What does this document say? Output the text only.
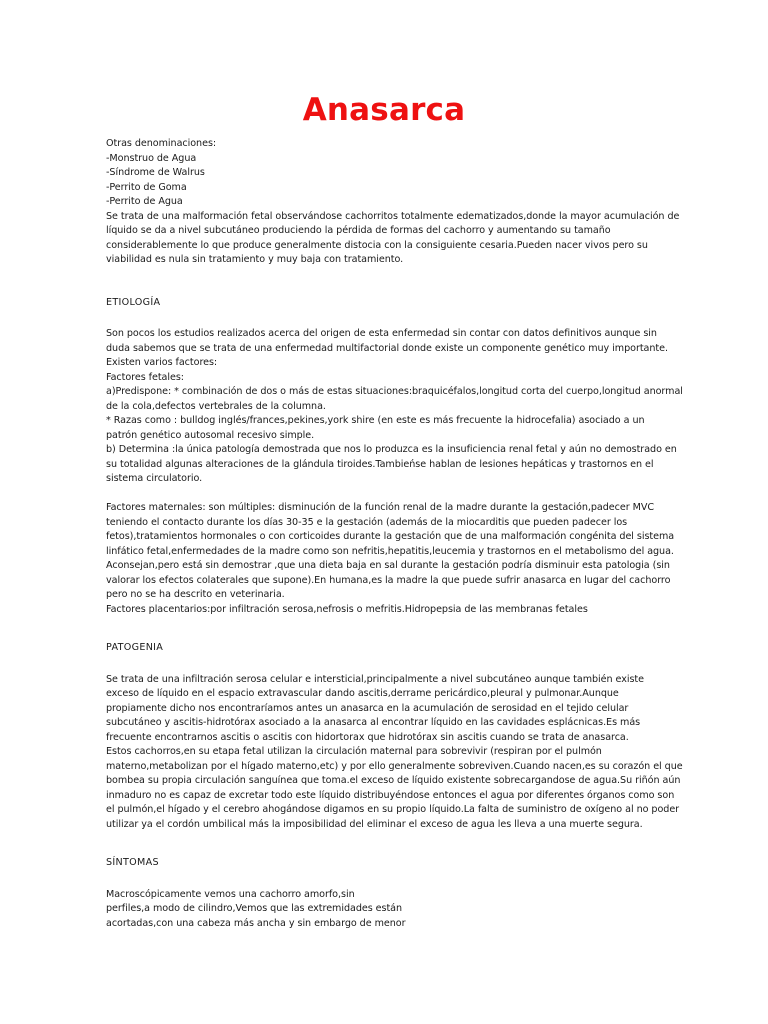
Anasarca
Otras denominaciones:
-Monstruo de Agua
-Síndrome de Walrus
-Perrito de Goma
-Perrito de Agua
Se trata de una malformación fetal observándose cachorritos totalmente edematizados,donde la mayor acumulación de
líquido se da a nivel subcutáneo produciendo la pérdida de formas del cachorro y aumentando su tamaño
considerablemente lo que produce generalmente distocia con la consiguiente cesaria.Pueden nacer vivos pero su
viabilidad es nula sin tratamiento y muy baja con tratamiento.
ETIOLOGÍA
Son pocos los estudios realizados acerca del origen de esta enfermedad sin contar con datos definitivos aunque sin
duda sabemos que se trata de una enfermedad multifactorial donde existe un componente genético muy importante.
Existen varios factores:
Factores fetales:
a)Predispone: * combinación de dos o más de estas situaciones:braquicéfalos,longitud corta del cuerpo,longitud anormal
de la cola,defectos vertebrales de la columna.
* Razas como : bulldog inglés/frances,pekines,york shire (en este es más frecuente la hidrocefalia) asociado a un
patrón genético autosomal recesivo simple.
b) Determina :la única patología demostrada que nos lo produzca es la insuficiencia renal fetal y aún no demostrado en
su totalidad algunas alteraciones de la glándula tiroides.Tambieńse hablan de lesiones hepáticas y trastornos en el
sistema circulatorio.
Factores maternales: son múltiples: disminución de la función renal de la madre durante la gestación,padecer MVC
teniendo el contacto durante los días 30-35 e la gestación (además de la miocarditis que pueden padecer los
fetos),tratamientos hormonales o con corticoides durante la gestación que de una malformación congénita del sistema
linfático fetal,enfermedades de la madre como son nefritis,hepatitis,leucemia y trastornos en el metabolismo del agua.
Aconsejan,pero está sin demostrar ,que una dieta baja en sal durante la gestación podría disminuir esta patologia (sin
valorar los efectos colaterales que supone).En humana,es la madre la que puede sufrir anasarca en lugar del cachorro
pero no se ha descrito en veterinaria.
Factores placentarios:por infiltración serosa,nefrosis o mefritis.Hidropepsia de las membranas fetales
PATOGENIA
Se trata de una infiltración serosa celular e intersticial,principalmente a nivel subcutáneo aunque también existe
exceso de líquido en el espacio extravascular dando ascitis,derrame pericárdico,pleural y pulmonar.Aunque
propiamente dicho nos encontraríamos antes un anasarca en la acumulación de serosidad en el tejido celular
subcutáneo y ascitis-hidrotórax asociado a la anasarca al encontrar líquido en las cavidades esplácnicas.Es más
frecuente encontrarnos ascitis o ascitis con hidortorax que hidrotórax sin ascitis cuando se trata de anasarca.
Estos cachorros,en su etapa fetal utilizan la circulación maternal para sobrevivir (respiran por el pulmón
materno,metabolizan por el hígado materno,etc) y por ello generalmente sobreviven.Cuando nacen,es su corazón el que
bombea su propia circulación sanguínea que toma.el exceso de líquido existente sobrecargandose de agua.Su riñón aún
inmaduro no es capaz de excretar todo este líquido distribuyéndose entonces el agua por diferentes órganos como son
el pulmón,el hígado y el cerebro ahogándose digamos en su propio líquido.La falta de suministro de oxígeno al no poder
utilizar ya el cordón umbilical más la imposibilidad del eliminar el exceso de agua les lleva a una muerte segura.
SÍNTOMAS
Macroscópicamente vemos una cachorro amorfo,sin
perfiles,a modo de cilindro,Vemos que las extremidades están
acortadas,con una cabeza más ancha y sin embargo de menor
